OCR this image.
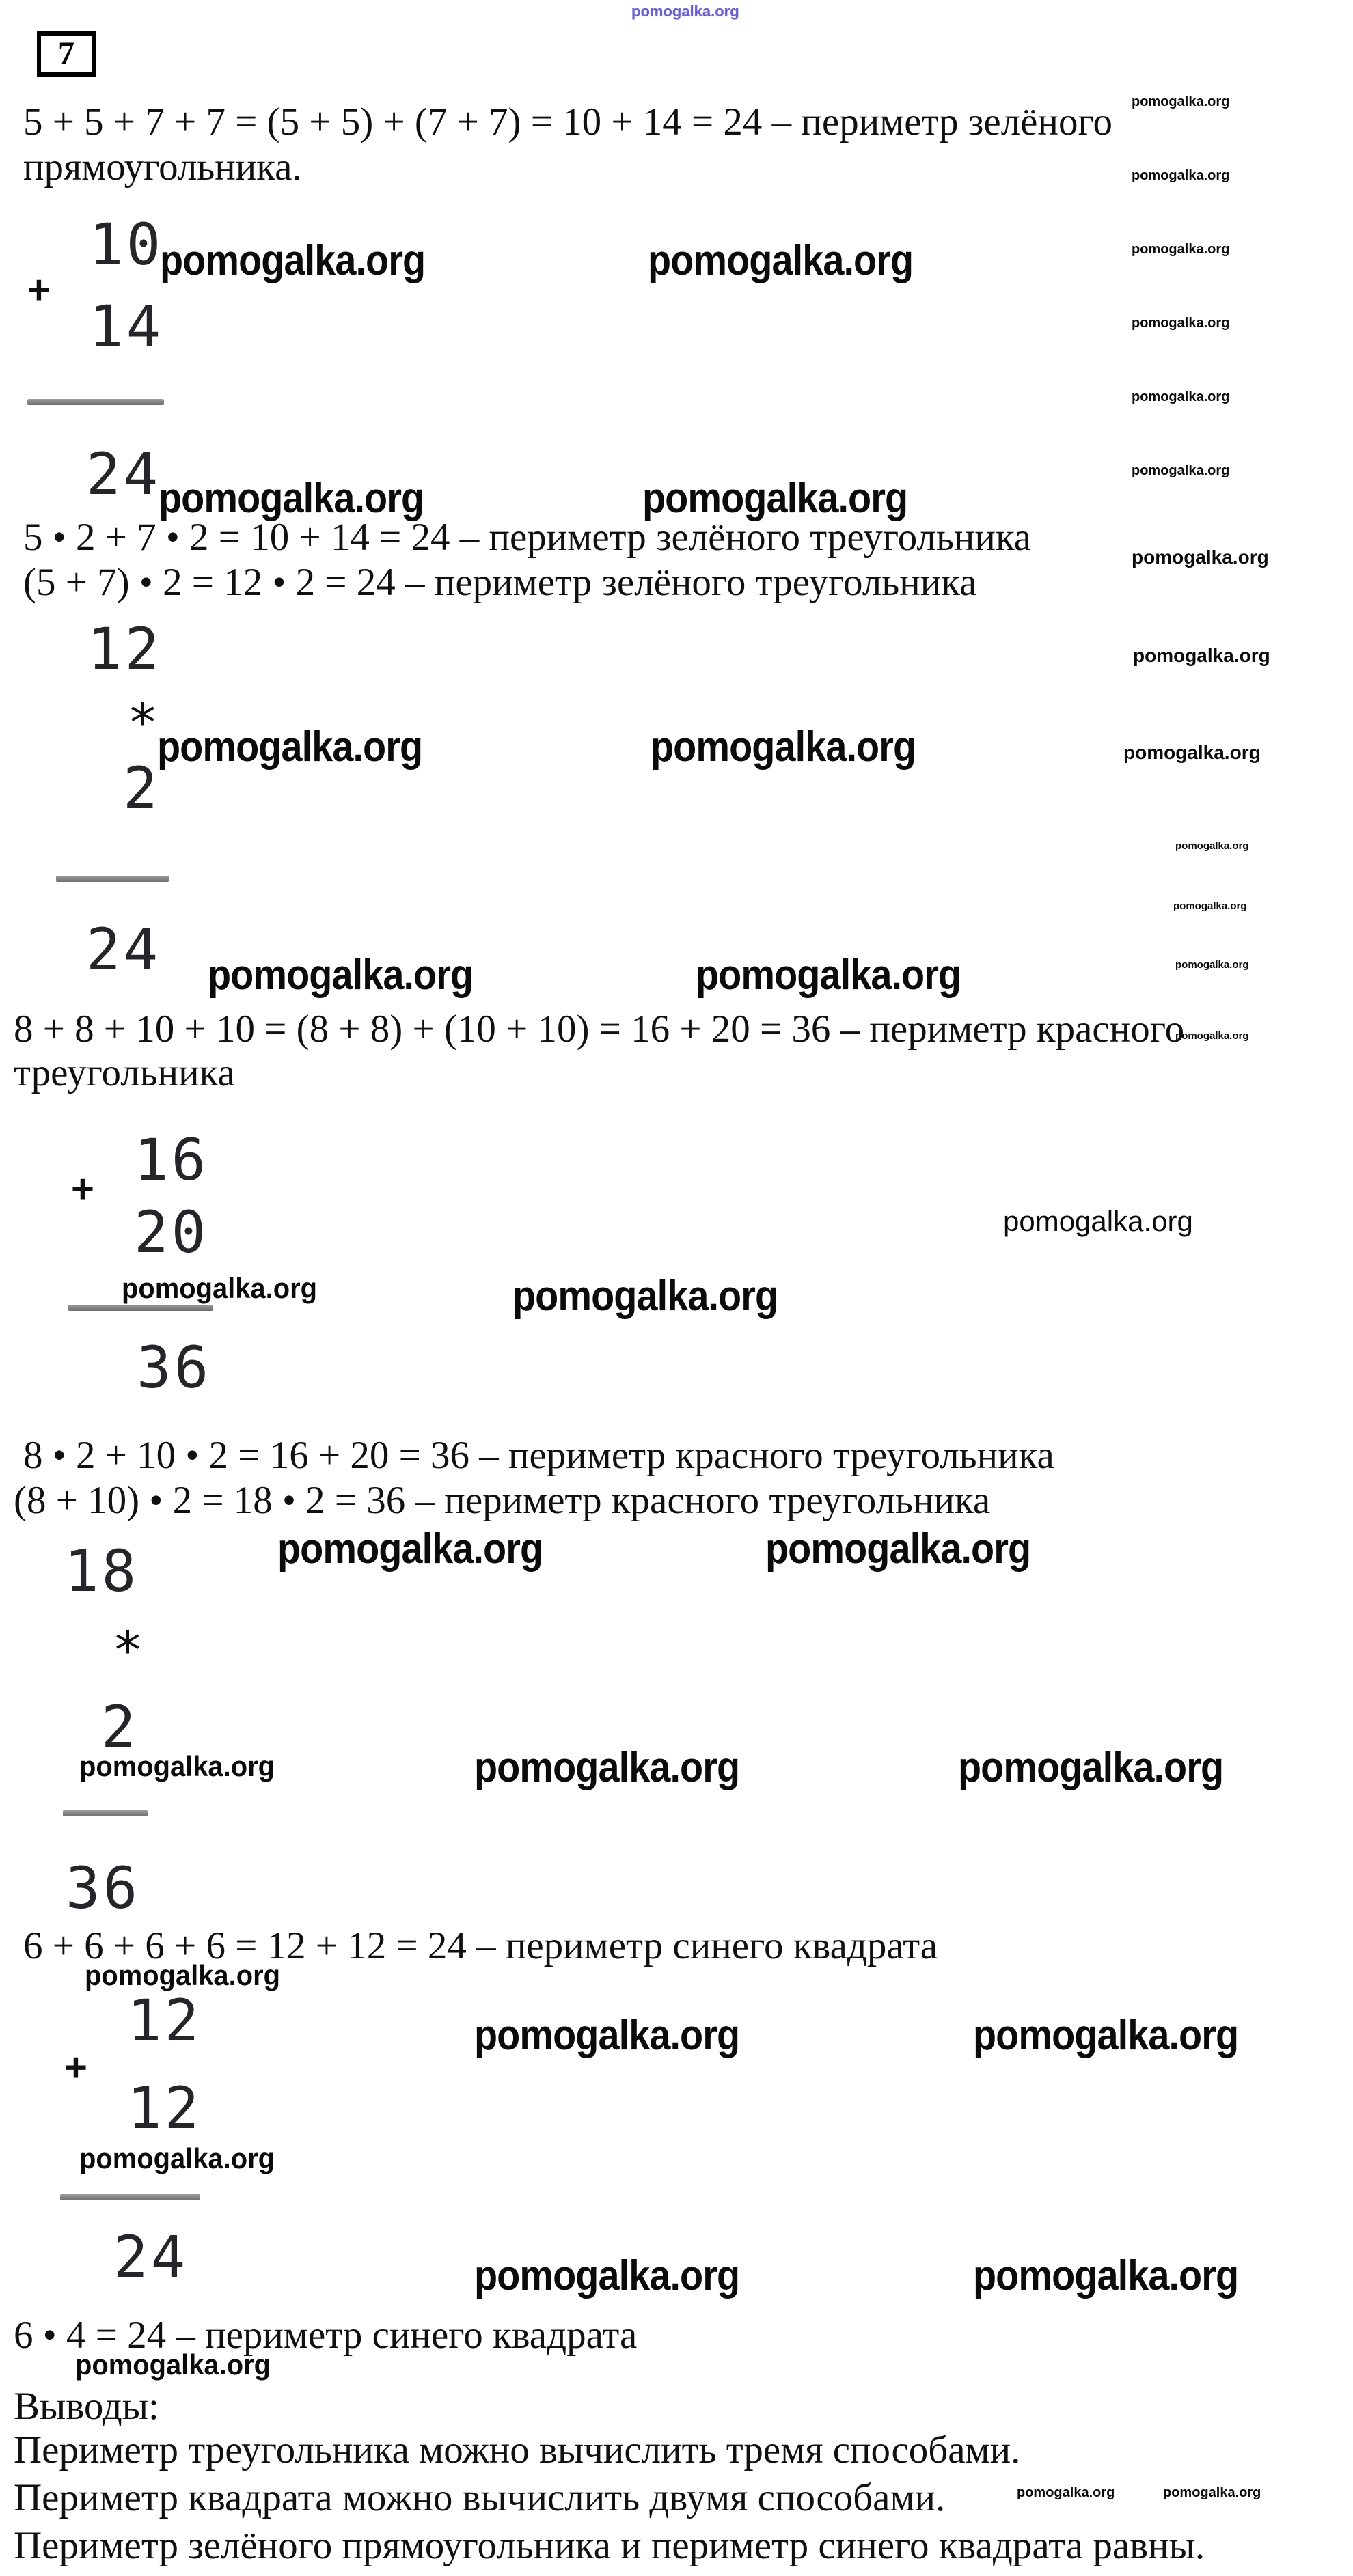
pomogalka.org
7
5 + 5 + 7 + 7 = (5 + 5) + (7 + 7) = 10 + 14 = 24 – периметр зелёного
прямоугольника.
10
+
14
24
pomogalka.org	pomogalka.org
pomogalka.org	pomogalka.org
5 • 2 + 7 • 2 = 10 + 14 = 24 – периметр зелёного треугольника
(5 + 7) • 2 = 12 • 2 = 24 – периметр зелёного треугольника
12
*
2
24
pomogalka.org	pomogalka.org
pomogalka.org	pomogalka.org
8 + 8 + 10 + 10 = (8 + 8) + (10 + 10) = 16 + 20 = 36 – периметр красного
треугольника
16
+
20
36
pomogalka.org	pomogalka.org
pomogalka.org
8 • 2 + 10 • 2 = 16 + 20 = 36 – периметр красного треугольника
(8 + 10) • 2 = 18 • 2 = 36 – периметр красного треугольника
pomogalka.org	pomogalka.org
18
*
2
36
pomogalka.org	pomogalka.org	pomogalka.org
6 + 6 + 6 + 6 = 12 + 12 = 24 – периметр синего квадрата
pomogalka.org
12
+
12
24
pomogalka.org	pomogalka.org
pomogalka.org
pomogalka.org	pomogalka.org
6 • 4 = 24 – периметр синего квадрата
pomogalka.org
Выводы:
Периметр треугольника можно вычислить тремя способами.
Периметр квадрата можно вычислить двумя способами.
Периметр зелёного прямоугольника и периметр синего квадрата равны.
pomogalka.org	pomogalka.org
pomogalka.org
pomogalka.org
pomogalka.org
pomogalka.org
pomogalka.org
pomogalka.org
pomogalka.org
pomogalka.org
pomogalka.org
pomogalka.org
pomogalka.org
pomogalka.org
pomogalka.org
